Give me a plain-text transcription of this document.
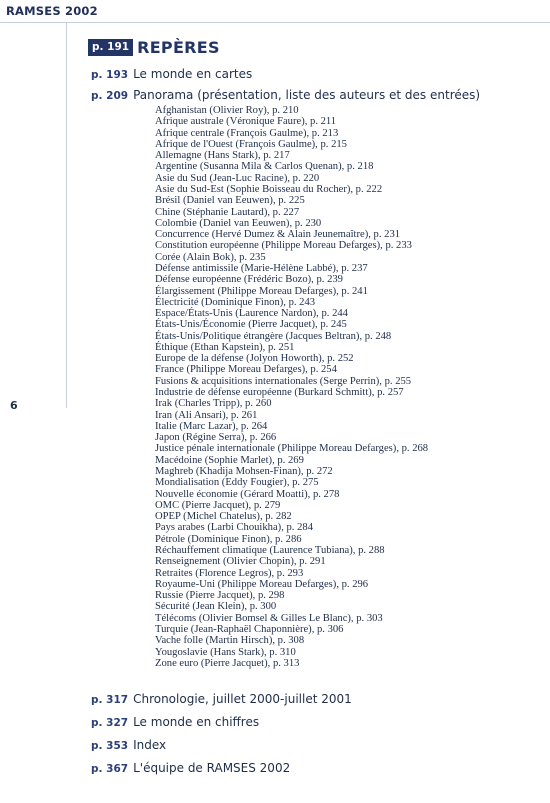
RAMSES 2002
6
p. 191 REPÈRES
p. 193 Le monde en cartes
p. 209 Panorama (présentation, liste des auteurs et des entrées)
Afghanistan (Olivier Roy), p. 210
Afrique australe (Véronique Faure), p. 211
Afrique centrale (François Gaulme), p. 213
Afrique de l'Ouest (François Gaulme), p. 215
Allemagne (Hans Stark), p. 217
Argentine (Susanna Mila & Carlos Quenan), p. 218
Asie du Sud (Jean-Luc Racine), p. 220
Asie du Sud-Est (Sophie Boisseau du Rocher), p. 222
Brésil (Daniel van Eeuwen), p. 225
Chine (Stéphanie Lautard), p. 227
Colombie (Daniel van Eeuwen), p. 230
Concurrence (Hervé Dumez & Alain Jeunemaître), p. 231
Constitution européenne (Philippe Moreau Defarges), p. 233
Corée (Alain Bok), p. 235
Défense antimissile (Marie-Hélène Labbé), p. 237
Défense européenne (Frédéric Bozo), p. 239
Élargissement (Philippe Moreau Defarges), p. 241
Électricité (Dominique Finon), p. 243
Espace/États-Unis (Laurence Nardon), p. 244
États-Unis/Économie (Pierre Jacquet), p. 245
États-Unis/Politique étrangère (Jacques Beltran), p. 248
Éthique (Ethan Kapstein), p. 251
Europe de la défense (Jolyon Howorth), p. 252
France (Philippe Moreau Defarges), p. 254
Fusions & acquisitions internationales (Serge Perrin), p. 255
Industrie de défense européenne (Burkard Schmitt), p. 257
Irak (Charles Tripp), p. 260
Iran (Ali Ansari), p. 261
Italie (Marc Lazar), p. 264
Japon (Régine Serra), p. 266
Justice pénale internationale (Philippe Moreau Defarges), p. 268
Macédoine (Sophie Marlet), p. 269
Maghreb (Khadija Mohsen-Finan), p. 272
Mondialisation (Eddy Fougier), p. 275
Nouvelle économie (Gérard Moatti), p. 278
OMC (Pierre Jacquet), p. 279
OPEP (Michel Chatelus), p. 282
Pays arabes (Larbi Chouikha), p. 284
Pétrole (Dominique Finon), p. 286
Réchauffement climatique (Laurence Tubiana), p. 288
Renseignement (Olivier Chopin), p. 291
Retraites (Florence Legros), p. 293
Royaume-Uni (Philippe Moreau Defarges), p. 296
Russie (Pierre Jacquet), p. 298
Sécurité (Jean Klein), p. 300
Télécoms (Olivier Bomsel & Gilles Le Blanc), p. 303
Turquie (Jean-Raphaël Chaponnière), p. 306
Vache folle (Martin Hirsch), p. 308
Yougoslavie (Hans Stark), p. 310
Zone euro (Pierre Jacquet), p. 313
p. 317 Chronologie, juillet 2000-juillet 2001
p. 327 Le monde en chiffres
p. 353 Index
p. 367 L'équipe de RAMSES 2002
